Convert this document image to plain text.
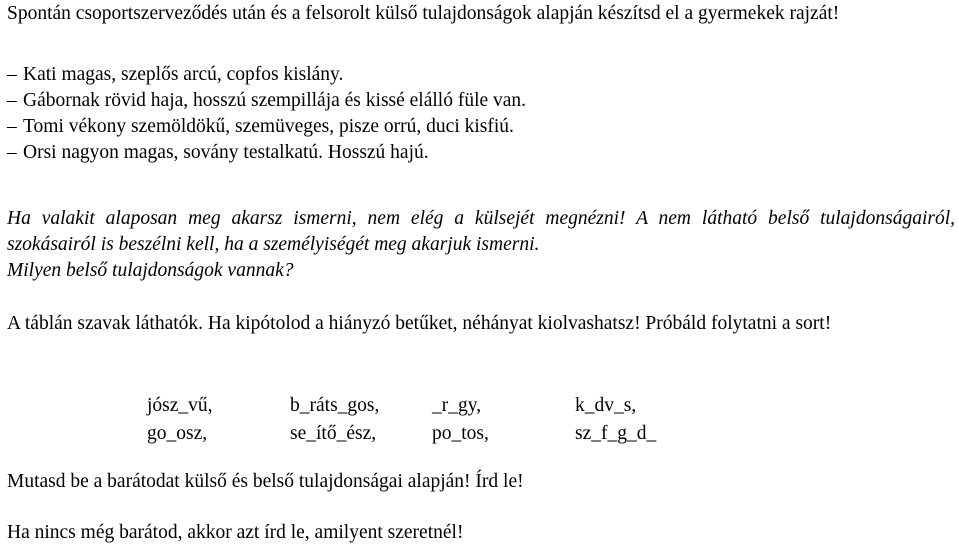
Spontán csoportszerveződés után és a felsorolt külső tulajdonságok alapján készítsd el a gyermekek rajzát!

– Kati magas, szeplős arcú, copfos kislány.
– Gábornak rövid haja, hosszú szempillája és kissé elálló füle van.
– Tomi vékony szemöldökű, szemüveges, pisze orrú, duci kisfiú.
– Orsi nagyon magas, sovány testalkatú. Hosszú hajú.
Ha valakit alaposan meg akarsz ismerni, nem elég a külsejét megnézni! A nem látható belső tulajdonságairól, szokásairól is beszélni kell, ha a személyiségét meg akarjuk ismerni.
Milyen belső tulajdonságok vannak?
A táblán szavak láthatók. Ha kipótolod a hiányzó betűket, néhányat kiolvashatsz! Próbáld folytatni a sort!
jósz_vű,	b_ráts_gos,	_r_gy,	k_dv_s,
go_osz,	se_ítő_ész,	po_tos,	sz_f_g_d_
Mutasd be a barátodat külső és belső tulajdonságai alapján! Írd le!
Ha nincs még barátod, akkor azt írd le, amilyent szeretnél!
